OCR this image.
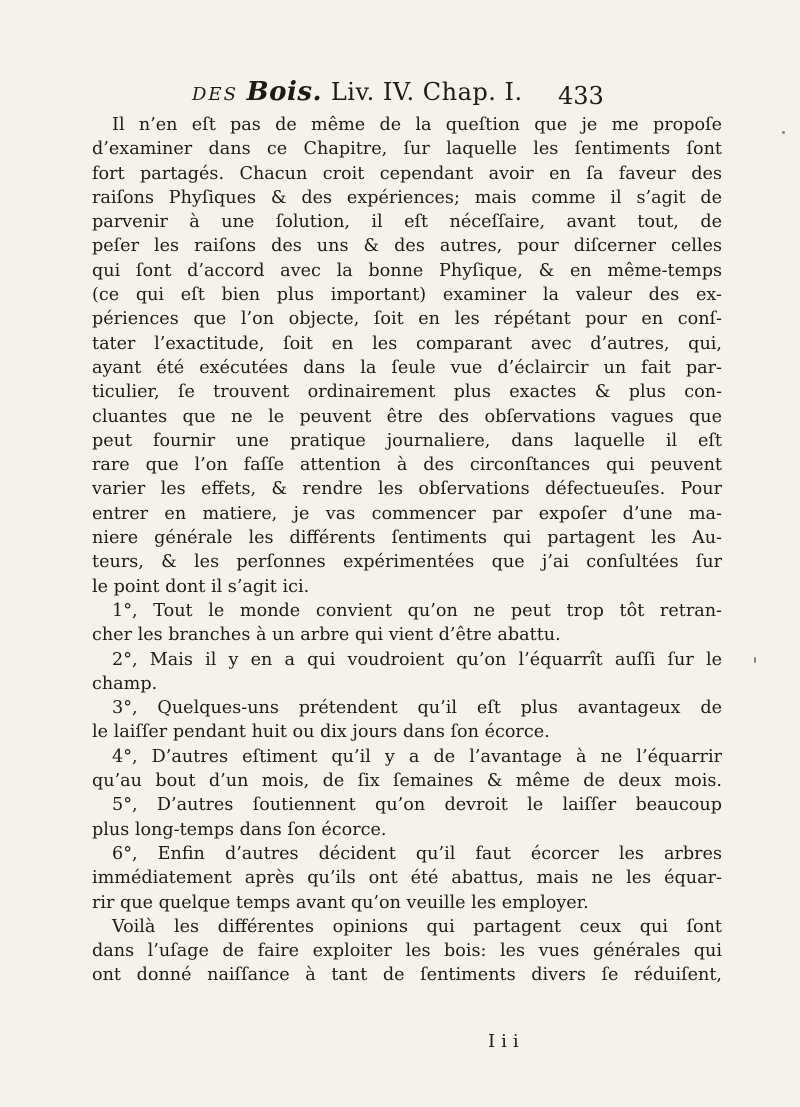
DES Bois. Liv. IV. Chap. I. 433
Il n’en eſt pas de même de la queſtion que je me propoſe
d’examiner dans ce Chapitre, ſur laquelle les ſentiments ſont
fort partagés. Chacun croit cependant avoir en ſa faveur des
raiſons Phyſiques & des expériences; mais comme il s’agit de
parvenir à une ſolution, il eſt néceſſaire, avant tout, de
peſer les raiſons des uns & des autres, pour diſcerner celles
qui ſont d’accord avec la bonne Phyſique, & en même-temps
(ce qui eſt bien plus important) examiner la valeur des ex-
périences que l’on objecte, ſoit en les répétant pour en conſ-
tater l’exactitude, ſoit en les comparant avec d’autres, qui,
ayant été exécutées dans la ſeule vue d’éclaircir un fait par-
ticulier, ſe trouvent ordinairement plus exactes & plus con-
cluantes que ne le peuvent être des obſervations vagues que
peut fournir une pratique journaliere, dans laquelle il eſt
rare que l’on faſſe attention à des circonſtances qui peuvent
varier les effets, & rendre les obſervations défectueuſes. Pour
entrer en matiere, je vas commencer par expoſer d’une ma-
niere générale les différents ſentiments qui partagent les Au-
teurs, & les perſonnes expérimentées que j’ai conſultées ſur
le point dont il s’agit ici.
1°, Tout le monde convient qu’on ne peut trop tôt retran-
cher les branches à un arbre qui vient d’être abattu.
2°, Mais il y en a qui voudroient qu’on l’équarrît auſſi ſur le
champ.
3°, Quelques-uns prétendent qu’il eſt plus avantageux de
le laiſſer pendant huit ou dix jours dans ſon écorce.
4°, D’autres eſtiment qu’il y a de l’avantage à ne l’équarrir
qu’au bout d’un mois, de ſix ſemaines & même de deux mois.
5°, D’autres ſoutiennent qu’on devroit le laiſſer beaucoup
plus long-temps dans ſon écorce.
6°, Enfin d’autres décident qu’il faut écorcer les arbres
immédiatement après qu’ils ont été abattus, mais ne les équar-
rir que quelque temps avant qu’on veuille les employer.
Voilà les différentes opinions qui partagent ceux qui ſont
dans l’uſage de faire exploiter les bois: les vues générales qui
ont donné naiſſance à tant de ſentiments divers ſe réduiſent,
Iii
